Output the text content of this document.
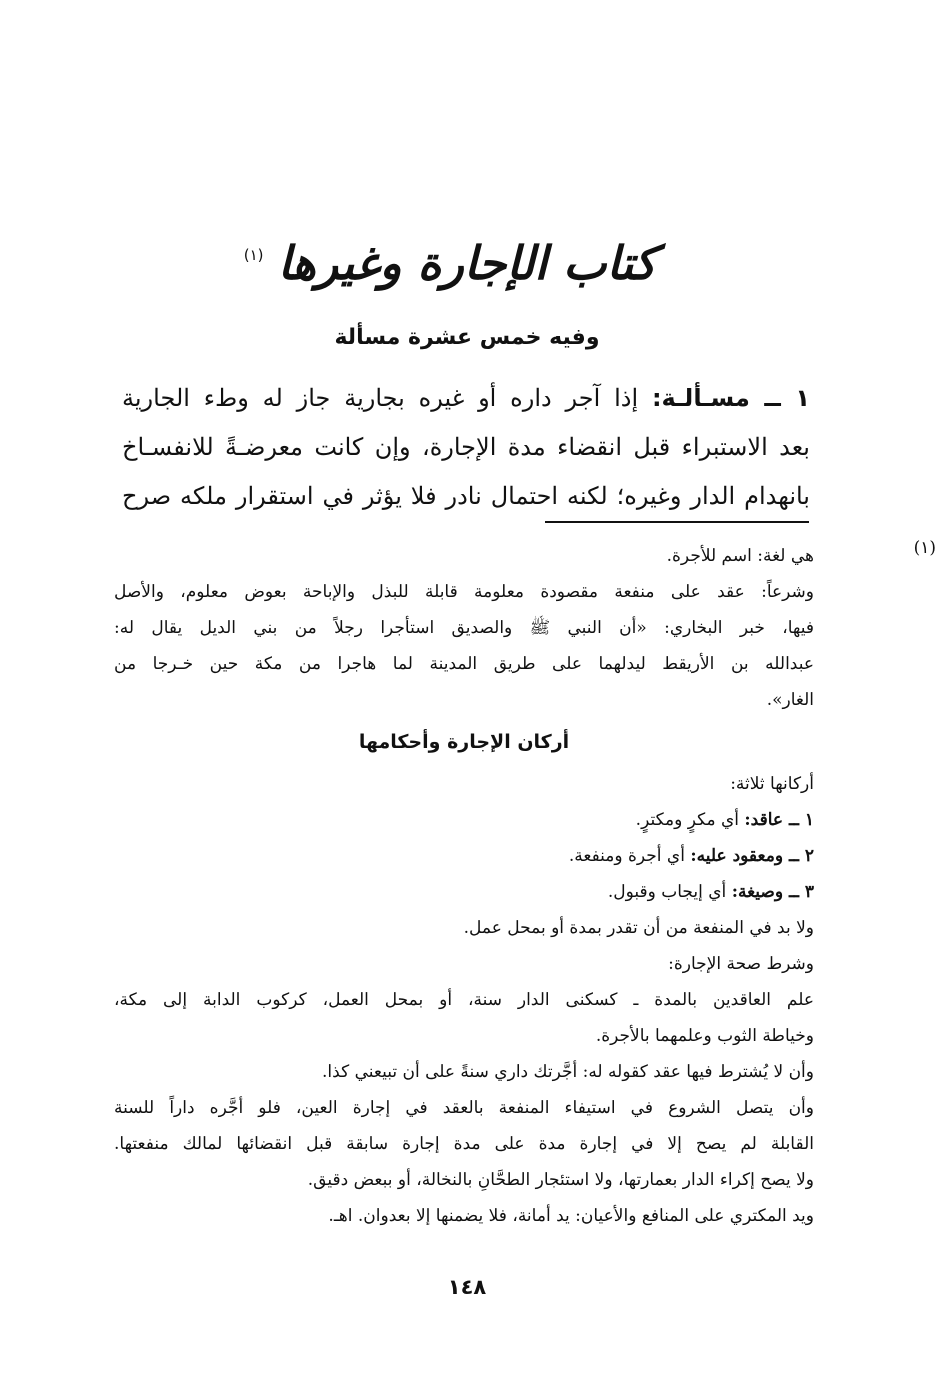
كتاب الإجارة وغيرها
(١)
وفيه خمس عشرة مسألة
١ ــ مسـألـة: إذا آجر داره أو غيره بجارية جاز له وطء الجارية
بعد الاستبراء قبل انقضاء مدة الإجارة، وإن كانت معرضـةً للانفسـاخ
بانهدام الدار وغيره؛ لكنه احتمال نادر فلا يؤثر في استقرار ملكه صرح
(١)
هي لغة: اسم للأجرة.
وشرعاً: عقد على منفعة مقصودة معلومة قابلة للبذل والإباحة بعوض معلوم، والأصل
فيها، خبر البخاري: «أن النبي ﷺ والصديق استأجرا رجلاً من بني الديل يقال له:
عبدالله بن الأريقط ليدلهما على طريق المدينة لما هاجرا من مكة حين خـرجا من
الغار».
أركان الإجارة وأحكامها
أركانها ثلاثة:
١ ــ عاقد: أي مكرٍ ومكترٍ.
٢ ــ ومعقود عليه: أي أجرة ومنفعة.
٣ ــ وصيغة: أي إيجاب وقبول.
ولا بد في المنفعة من أن تقدر بمدة أو بمحل عمل.
وشرط صحة الإجارة:
علم العاقدين بالمدة ـ كسكنى الدار سنة، أو بمحل العمل، كركوب الدابة إلى مكة،
وخياطة الثوب وعلمهما بالأجرة.
وأن لا يُشترط فيها عقد كقوله له: أجَّرتك داري سنةً على أن تبيعني كذا.
وأن يتصل الشروع في استيفاء المنفعة بالعقد في إجارة العين، فلو أجَّره داراً للسنة
القابلة لم يصح إلا في إجارة مدة على مدة إجارة سابقة قبل انقضائها لمالك منفعتها.
ولا يصح إكراء الدار بعمارتها، ولا استئجار الطحَّانِ بالنخالة، أو ببعض دقيق.
ويد المكتري على المنافع والأعيان: يد أمانة، فلا يضمنها إلا بعدوان. اهـ.
١٤٨
